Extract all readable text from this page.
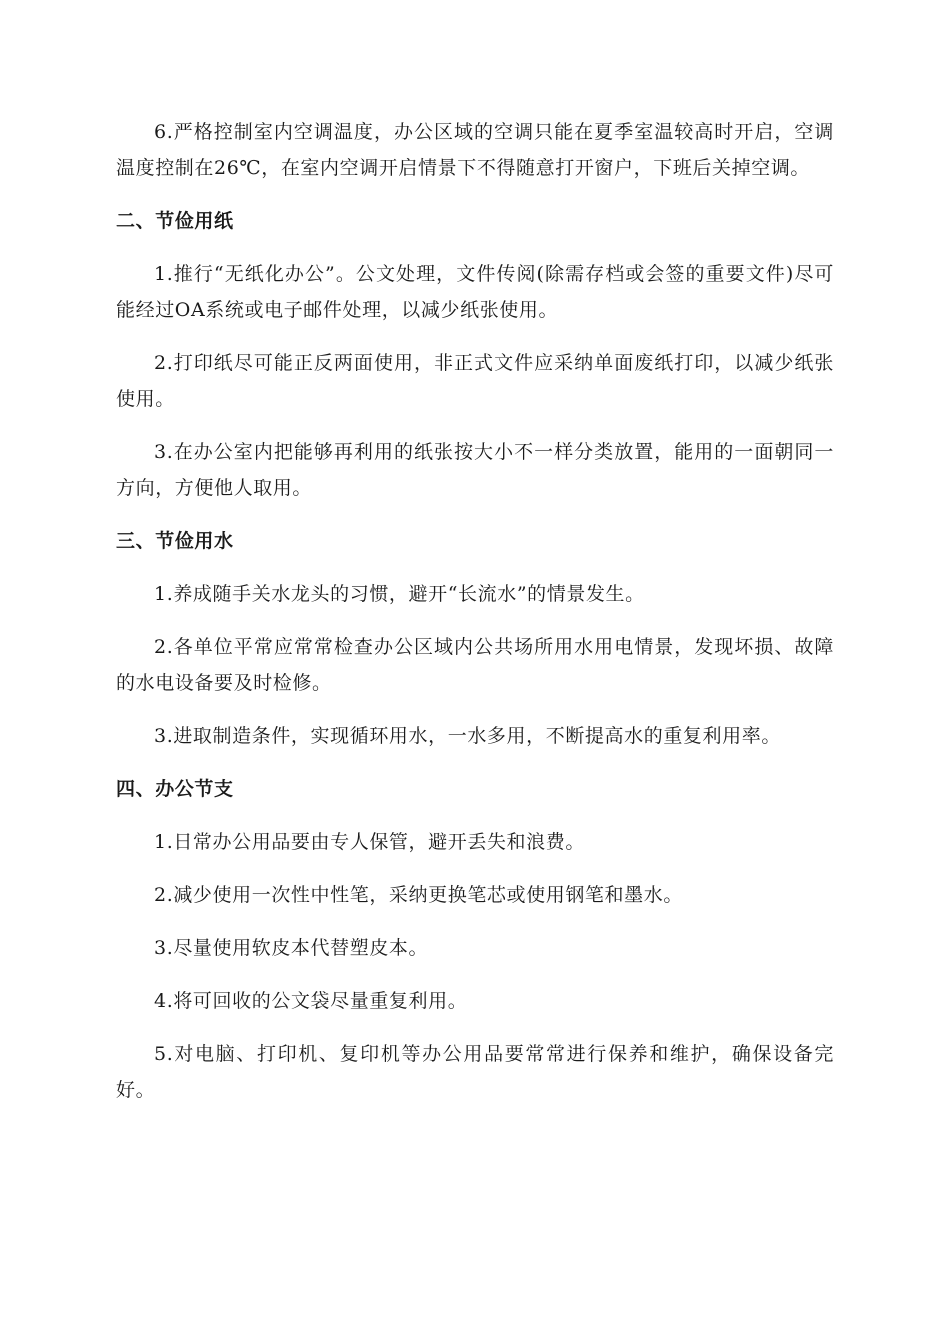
6.严格控制室内空调温度，办公区域的空调只能在夏季室温较高时开启，空调温度控制在26℃，在室内空调开启情景下不得随意打开窗户，下班后关掉空调。

二、节俭用纸

1.推行“无纸化办公”。公文处理，文件传阅(除需存档或会签的重要文件)尽可能经过OA系统或电子邮件处理，以减少纸张使用。

2.打印纸尽可能正反两面使用，非正式文件应采纳单面废纸打印，以减少纸张使用。

3.在办公室内把能够再利用的纸张按大小不一样分类放置，能用的一面朝同一方向，方便他人取用。

三、节俭用水

1.养成随手关水龙头的习惯，避开“长流水”的情景发生。

2.各单位平常应常常检查办公区域内公共场所用水用电情景，发现坏损、故障的水电设备要及时检修。

3.进取制造条件，实现循环用水，一水多用，不断提高水的重复利用率。

四、办公节支

1.日常办公用品要由专人保管，避开丢失和浪费。

2.减少使用一次性中性笔，采纳更换笔芯或使用钢笔和墨水。

3.尽量使用软皮本代替塑皮本。

4.将可回收的公文袋尽量重复利用。

5.对电脑、打印机、复印机等办公用品要常常进行保养和维护，确保设备完好。
